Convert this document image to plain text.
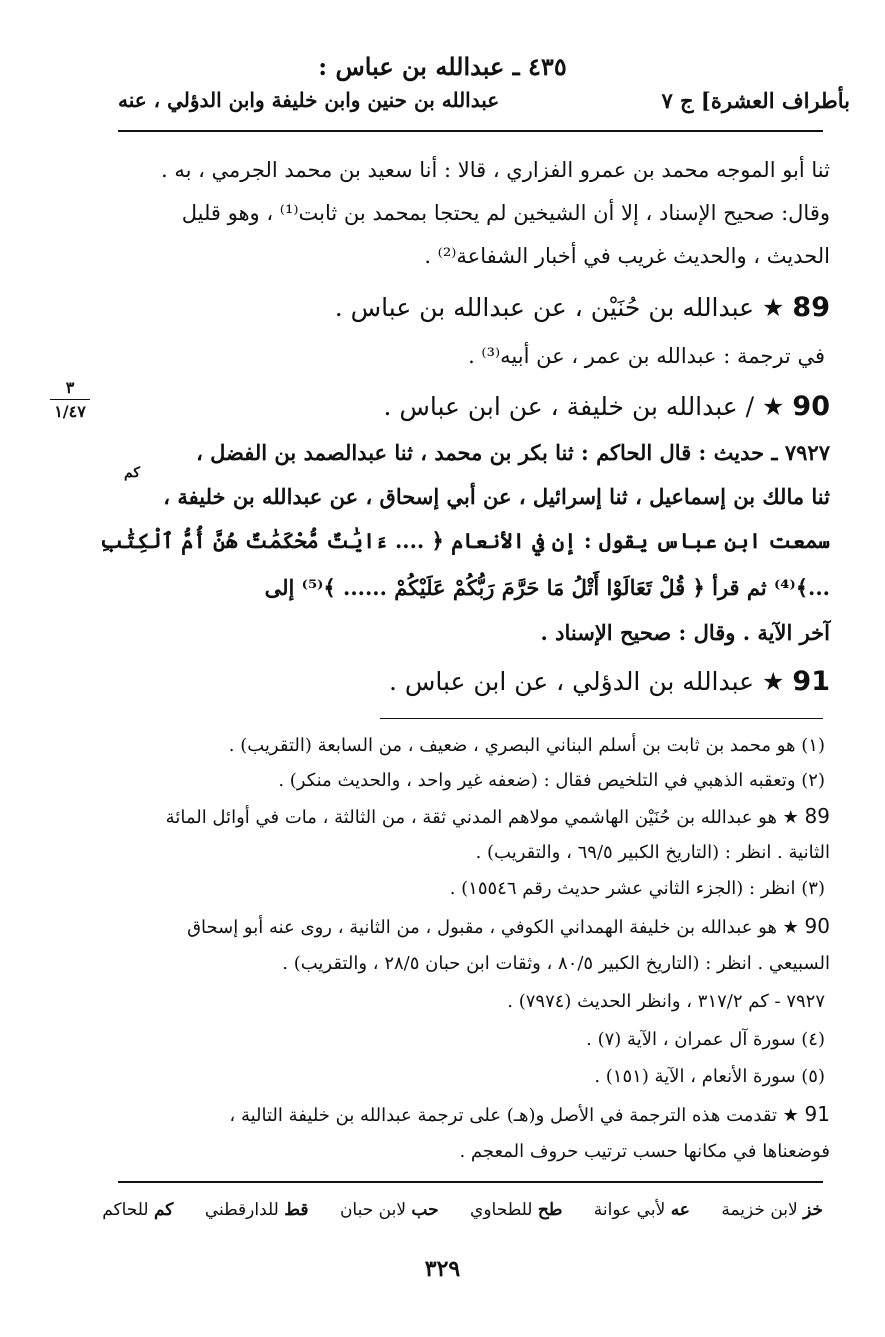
٤٣٥ ـ عبدالله بن عباس :
بأطراف العشرة] ج ٧
عبدالله بن حنين وابن خليفة وابن الدؤلي ، عنه
ثنا أبو الموجه محمد بن عمرو الفزاري ، قالا : أنا سعيد بن محمد الجرمي ، به .
وقال: صحيح الإسناد ، إلا أن الشيخين لم يحتجا بمحمد بن ثابت⁽¹⁾ ، وهو قليل
الحديث ، والحديث غريب في أخبار الشفاعة⁽²⁾ .
89 ★ عبدالله بن حُنَيْن ، عن عبدالله بن عباس .
في ترجمة : عبدالله بن عمر ، عن أبيه⁽³⁾ .
٣
١/٤٧	90 ★ / عبدالله بن خليفة ، عن ابن عباس .
٧٩٢٧ ـ حديث : قال الحاكم : ثنا بكر بن محمد ، ثنا عبدالصمد بن الفضل ،
كم
ثنا مالك بن إسماعيل ، ثنا إسرائيل ، عن أبي إسحاق ، عن عبدالله بن خليفة ،
سمعت ابن عباس يقول : إن في الأنعام ﴿ .... ءَايَٰتٌ مُّحْكَمَٰتٌ هُنَّ أُمُّ ٱلْكِتَٰبِ
...﴾⁽⁴⁾ ثم قرأ ﴿ قُلْ تَعَالَوْا أَتْلُ مَا حَرَّمَ رَبُّكُمْ عَلَيْكُمْ ...... ﴾⁽⁵⁾ إلى
آخر الآية . وقال : صحيح الإسناد .
91 ★ عبدالله بن الدؤلي ، عن ابن عباس .
(١) هو محمد بن ثابت بن أسلم البناني البصري ، ضعيف ، من السابعة (التقريب) .
(٢) وتعقبه الذهبي في التلخيص فقال : (ضعفه غير واحد ، والحديث منكر) .
89 ★ هو عبدالله بن حُنَيْن الهاشمي مولاهم المدني ثقة ، من الثالثة ، مات في أوائل المائة
الثانية . انظر : (التاريخ الكبير ٦٩/٥ ، والتقريب) .
(٣) انظر : (الجزء الثاني عشر حديث رقم ١٥٥٤٦) .
90 ★ هو عبدالله بن خليفة الهمداني الكوفي ، مقبول ، من الثانية ، روى عنه أبو إسحاق
السبيعي . انظر : (التاريخ الكبير ٨٠/٥ ، وثقات ابن حبان ٢٨/٥ ، والتقريب) .
٧٩٢٧ - كم ٣١٧/٢ ، وانظر الحديث (٧٩٧٤) .
(٤) سورة آل عمران ، الآية (٧) .
(٥) سورة الأنعام ، الآية (١٥١) .
91 ★ تقدمت هذه الترجمة في الأصل و(هـ) على ترجمة عبدالله بن خليفة التالية ،
فوضعناها في مكانها حسب ترتيب حروف المعجم .
خز لابن خزيمة عه لأبي عوانة طح للطحاوي حب لابن حبان قط للدارقطني كم للحاكم
٣٢٩
